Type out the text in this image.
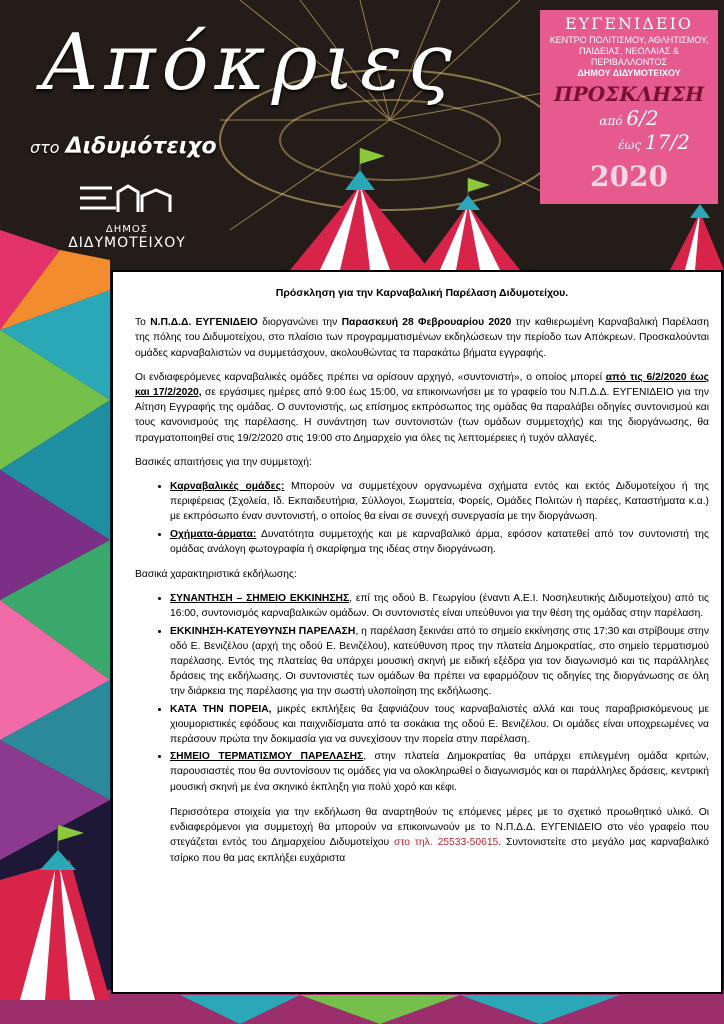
Απόκριες
στο Διδυμότειχο
ΔΗΜΟΣ
ΔΙΔΥΜΟΤΕΙΧΟΥ
ΕΥΓΕΝΙΔΕΙΟ
ΚΕΝΤΡΟ ΠΟΛΙΤΙΣΜΟΥ, ΑΘΛΗΤΙΣΜΟΥ, ΠΑΙΔΕΙΑΣ, ΝΕΟΛΑΙΑΣ & ΠΕΡΙΒΑΛΛΟΝΤΟΣ
ΔΗΜΟΥ ΔΙΔΥΜΟΤΕΙΧΟΥ
ΠΡΟΣΚΛΗΣΗ
από 6/2
έως 17/2
2020
Πρόσκληση για την Καρναβαλική Παρέλαση Διδυμοτείχου.

Το Ν.Π.Δ.Δ. ΕΥΓΕΝΙΔΕΙΟ διοργανώνει την Παρασκευή 28 Φεβρουαρίου 2020 την καθιερωμένη Καρναβαλική Παρέλαση της πόλης του Διδυμοτείχου, στο πλαίσιο των προγραμματισμένων εκδηλώσεων την περίοδο των Απόκρεων. Προσκαλούνται ομάδες καρναβαλιστών να συμμετάσχουν, ακολουθώντας τα παρακάτω βήματα εγγραφής.

Οι ενδιαφερόμενες καρναβαλικές ομάδες πρέπει να ορίσουν αρχηγό, «συντονιστή», ο οποίος μπορεί από τις 6/2/2020 έως και 17/2/2020, σε εργάσιμες ημέρες από 9:00 έως 15:00, να επικοινωνήσει με το γραφείο του Ν.Π.Δ.Δ. ΕΥΓΕΝΙΔΕΙΟ για την Αίτηση Εγγραφής της ομάδας. Ο συντονιστής, ως επίσημος εκπρόσωπος της ομάδας θα παραλάβει οδηγίες συντονισμού και τους κανονισμούς της παρέλασης. Η συνάντηση των συντονιστών (των ομάδων συμμετοχής) και της διοργάνωσης, θα πραγματοποιηθεί στις 19/2/2020 στις 19:00 στο Δημαρχείο για όλες τις λεπτομέρειες ή τυχόν αλλαγές.

Βασικές απαιτήσεις για την συμμετοχή:

• Καρναβαλικές ομάδες: Μπορούν να συμμετέχουν οργανωμένα σχήματα εντός και εκτός Διδυμοτείχου ή της περιφέρειας (Σχολεία, Ιδ. Εκπαιδευτήρια, Σύλλογοι, Σωματεία, Φορείς, Ομάδες Πολιτών ή παρέες, Καταστήματα κ.α.) με εκπρόσωπο έναν συντονιστή, ο οποίος θα είναι σε συνεχή συνεργασία με την διοργάνωση.
• Οχήματα-άρματα: Δυνατότητα συμμετοχής και με καρναβαλικό άρμα, εφόσον κατατεθεί από τον συντονιστή της ομάδας ανάλογη φωτογραφία ή σκαρίφημα της ιδέας στην διοργάνωση.

Βασικά χαρακτηριστικά εκδήλωσης:

• ΣΥΝΑΝΤΗΣΗ – ΣΗΜΕΙΟ ΕΚΚΙΝΗΣΗΣ, επί της οδού Β. Γεωργίου (έναντι Α.Ε.Ι. Νοσηλευτικής Διδυμοτείχου) από τις 16:00, συντονισμός καρναβαλικών ομάδων. Οι συντονιστές είναι υπεύθυνοι για την θέση της ομάδας στην παρέλαση.
• ΕΚΚΙΝΗΣΗ-ΚΑΤΕΥΘΥΝΣΗ ΠΑΡΕΛΑΣΗ, η παρέλαση ξεκινάει από το σημείο εκκίνησης στις 17:30 και στρίβουμε στην οδό Ε. Βενιζέλου (αρχή της οδού Ε. Βενιζέλου), κατεύθυνση προς την πλατεία Δημοκρατίας, στο σημείο τερματισμού παρέλασης. Εντός της πλατείας θα υπάρχει μουσική σκηνή με ειδική εξέδρα για τον διαγωνισμό και τις παράλληλες δράσεις της εκδήλωσης. Οι συντονιστές των ομάδων θα πρέπει να εφαρμόζουν τις οδηγίες της διοργάνωσης σε όλη την διάρκεια της παρέλασης για την σωστή υλοποίηση της εκδήλωσης.
• ΚΑΤΑ ΤΗΝ ΠΟΡΕΙΑ, μικρές εκπλήξεις θα ξαφνιάζουν τους καρναβαλιστές αλλά και τους παραβρισκόμενους με χιουμοριστικές εφόδους και παιχνιδίσματα από τα σοκάκια της οδού Ε. Βενιζέλου. Οι ομάδες είναι υποχρεωμένες να περάσουν πρώτα την δοκιμασία για να συνεχίσουν την πορεία στην παρέλαση.
• ΣΗΜΕΙΟ ΤΕΡΜΑΤΙΣΜΟΥ ΠΑΡΕΛΑΣΗΣ, στην πλατεία Δημοκρατίας θα υπάρχει επιλεγμένη ομάδα κριτών, παρουσιαστές που θα συντονίσουν τις ομάδες για να ολοκληρωθεί ο διαγωνισμός και οι παράλληλες δράσεις, κεντρική μουσική σκηνή με ένα σκηνικό έκπληξη για πολύ χορό και κέφι.

Περισσότερα στοιχεία για την εκδήλωση θα αναρτηθούν τις επόμενες μέρες με το σχετικό προωθητικό υλικό. Οι ενδιαφερόμενοι για συμμετοχή θα μπορούν να επικοινωνούν με το Ν.Π.Δ.Δ. ΕΥΓΕΝΙΔΕΙΟ στο νέο γραφείο που στεγάζεται εντός του Δημαρχείου Διδυμοτείχου στο τηλ. 25533-50615. Συντονιστείτε στο μεγάλο μας καρναβαλικό τσίρκο που θα μας εκπλήξει ευχάριστα
